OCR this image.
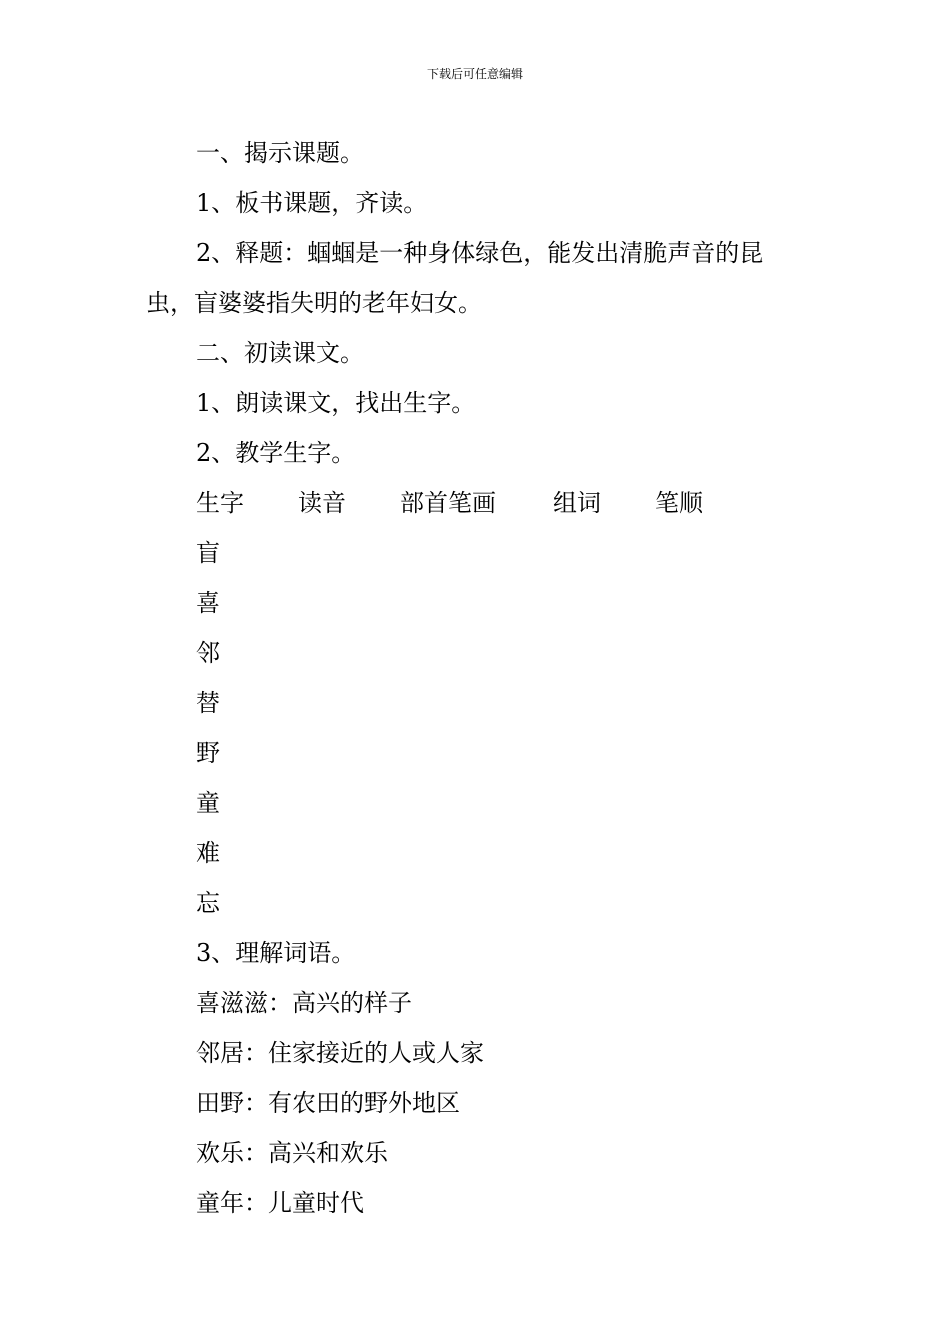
下载后可任意编辑
一、揭示课题。
1、板书课题，齐读。
2、释题：蝈蝈是一种身体绿色，能发出清脆声音的昆
虫，盲婆婆指失明的老年妇女。
二、初读课文。
1、朗读课文，找出生字。
2、教学生字。
生字 读音 部首笔画 组词 笔顺
盲
喜
邻
替
野
童
难
忘
3、理解词语。
喜滋滋：高兴的样子
邻居：住家接近的人或人家
田野：有农田的野外地区
欢乐：高兴和欢乐
童年：儿童时代
